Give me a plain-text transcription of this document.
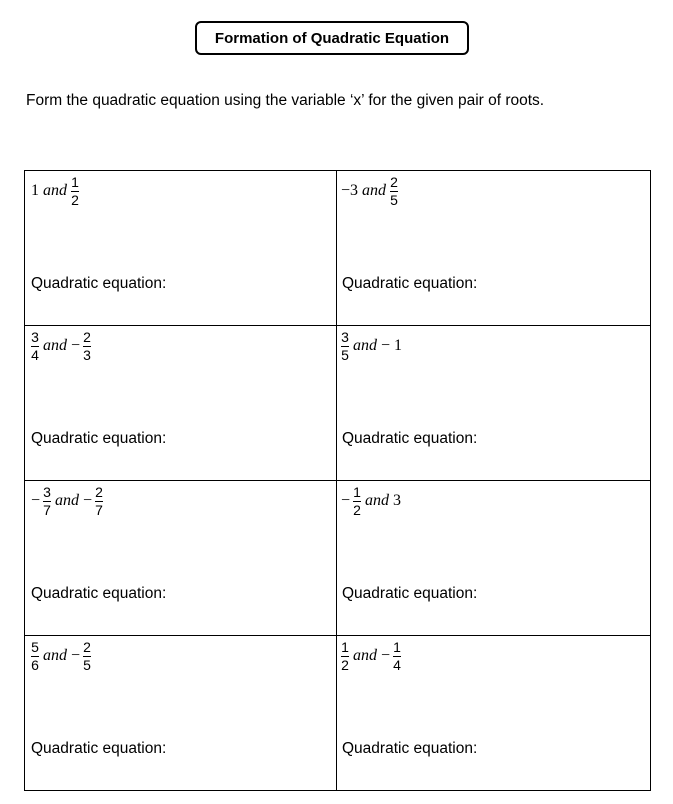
Formation of Quadratic Equation
Form the quadratic equation using the variable ‘x’ for the given pair of roots.
1 and $\frac{1}{2}$
Quadratic equation:
−3 and $\frac{2}{5}$
Quadratic equation:
$\frac{3}{4}$ and − $\frac{2}{3}$
Quadratic equation:
$\frac{3}{5}$ and − 1
Quadratic equation:
− $\frac{3}{7}$ and − $\frac{2}{7}$
Quadratic equation:
− $\frac{1}{2}$ and 3
Quadratic equation:
$\frac{5}{6}$ and − $\frac{2}{5}$
Quadratic equation:
$\frac{1}{2}$ and − $\frac{1}{4}$
Quadratic equation:
